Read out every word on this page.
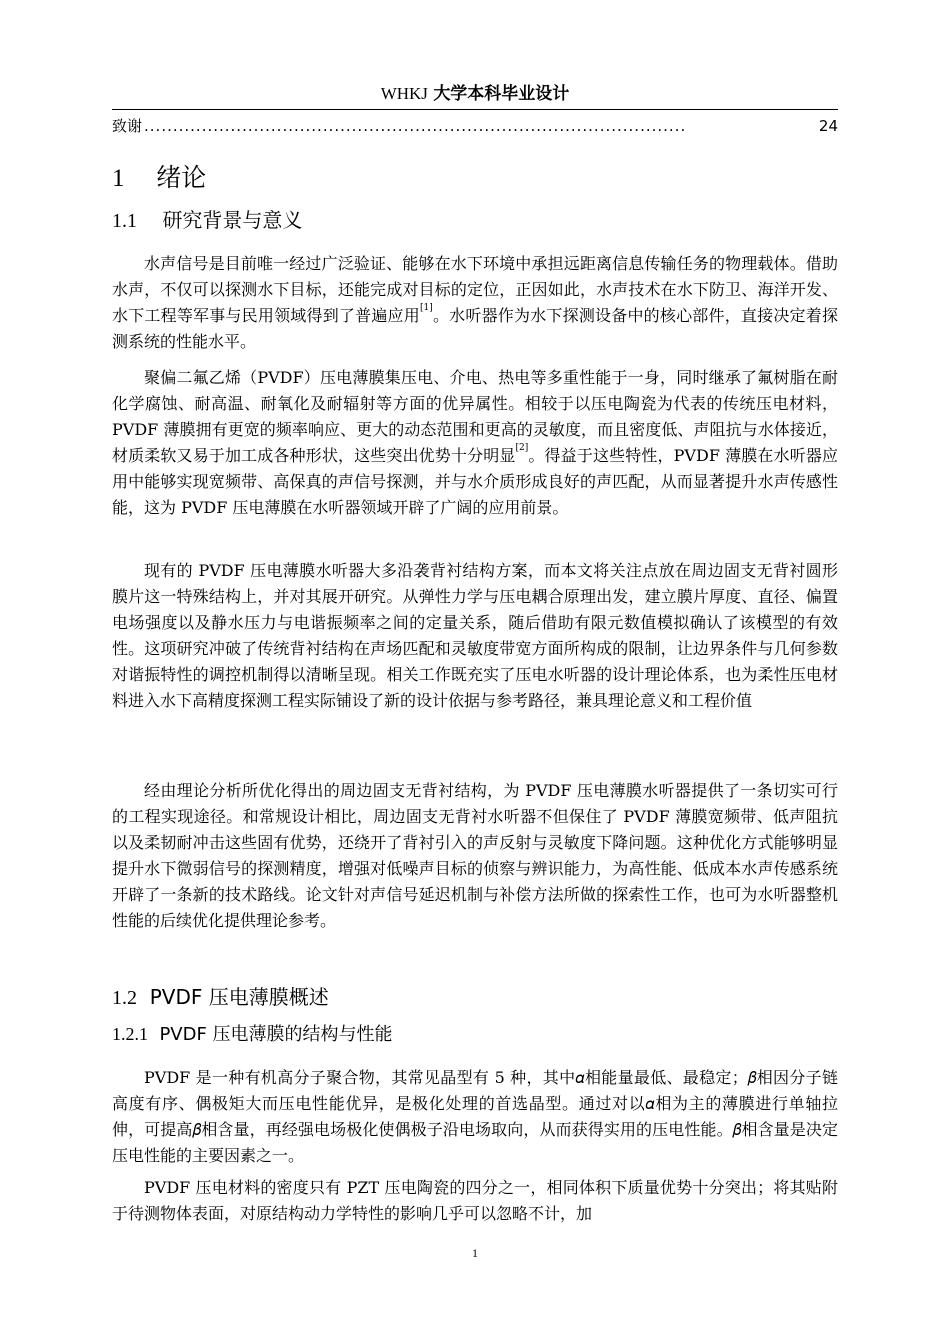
WHKJ 大学本科毕业设计
致谢 ..............................................................................................	24
1 绪论
1.1 研究背景与意义
水声信号是目前唯一经过广泛验证、能够在水下环境中承担远距离信息传输任务的物理载体。借助水声，不仅可以探测水下目标，还能完成对目标的定位，正因如此，水声技术在水下防卫、海洋开发、水下工程等军事与民用领域得到了普遍应用[1]。水听器作为水下探测设备中的核心部件，直接决定着探测系统的性能水平。
聚偏二氟乙烯（PVDF）压电薄膜集压电、介电、热电等多重性能于一身，同时继承了氟树脂在耐化学腐蚀、耐高温、耐氧化及耐辐射等方面的优异属性。相较于以压电陶瓷为代表的传统压电材料，PVDF 薄膜拥有更宽的频率响应、更大的动态范围和更高的灵敏度，而且密度低、声阻抗与水体接近，材质柔软又易于加工成各种形状，这些突出优势十分明显[2]。得益于这些特性，PVDF 薄膜在水听器应用中能够实现宽频带、高保真的声信号探测，并与水介质形成良好的声匹配，从而显著提升水声传感性能，这为 PVDF 压电薄膜在水听器领域开辟了广阔的应用前景。
现有的 PVDF 压电薄膜水听器大多沿袭背衬结构方案，而本文将关注点放在周边固支无背衬圆形膜片这一特殊结构上，并对其展开研究。从弹性力学与压电耦合原理出发，建立膜片厚度、直径、偏置电场强度以及静水压力与电谐振频率之间的定量关系，随后借助有限元数值模拟确认了该模型的有效性。这项研究冲破了传统背衬结构在声场匹配和灵敏度带宽方面所构成的限制，让边界条件与几何参数对谐振特性的调控机制得以清晰呈现。相关工作既充实了压电水听器的设计理论体系，也为柔性压电材料进入水下高精度探测工程实际铺设了新的设计依据与参考路径，兼具理论意义和工程价值
经由理论分析所优化得出的周边固支无背衬结构，为 PVDF 压电薄膜水听器提供了一条切实可行的工程实现途径。和常规设计相比，周边固支无背衬水听器不但保住了 PVDF 薄膜宽频带、低声阻抗以及柔韧耐冲击这些固有优势，还绕开了背衬引入的声反射与灵敏度下降问题。这种优化方式能够明显提升水下微弱信号的探测精度，增强对低噪声目标的侦察与辨识能力，为高性能、低成本水声传感系统开辟了一条新的技术路线。论文针对声信号延迟机制与补偿方法所做的探索性工作，也可为水听器整机性能的后续优化提供理论参考。
1.2 PVDF 压电薄膜概述
1.2.1 PVDF 压电薄膜的结构与性能
PVDF 是一种有机高分子聚合物，其常见晶型有 5 种，其中𝛼相能量最低、最稳定；𝛽相因分子链高度有序、偶极矩大而压电性能优异，是极化处理的首选晶型。通过对以𝛼相为主的薄膜进行单轴拉伸，可提高𝛽相含量，再经强电场极化使偶极子沿电场取向，从而获得实用的压电性能。𝛽相含量是决定压电性能的主要因素之一。
PVDF 压电材料的密度只有 PZT 压电陶瓷的四分之一，相同体积下质量优势十分突出；将其贴附于待测物体表面，对原结构动力学特性的影响几乎可以忽略不计，加
1
